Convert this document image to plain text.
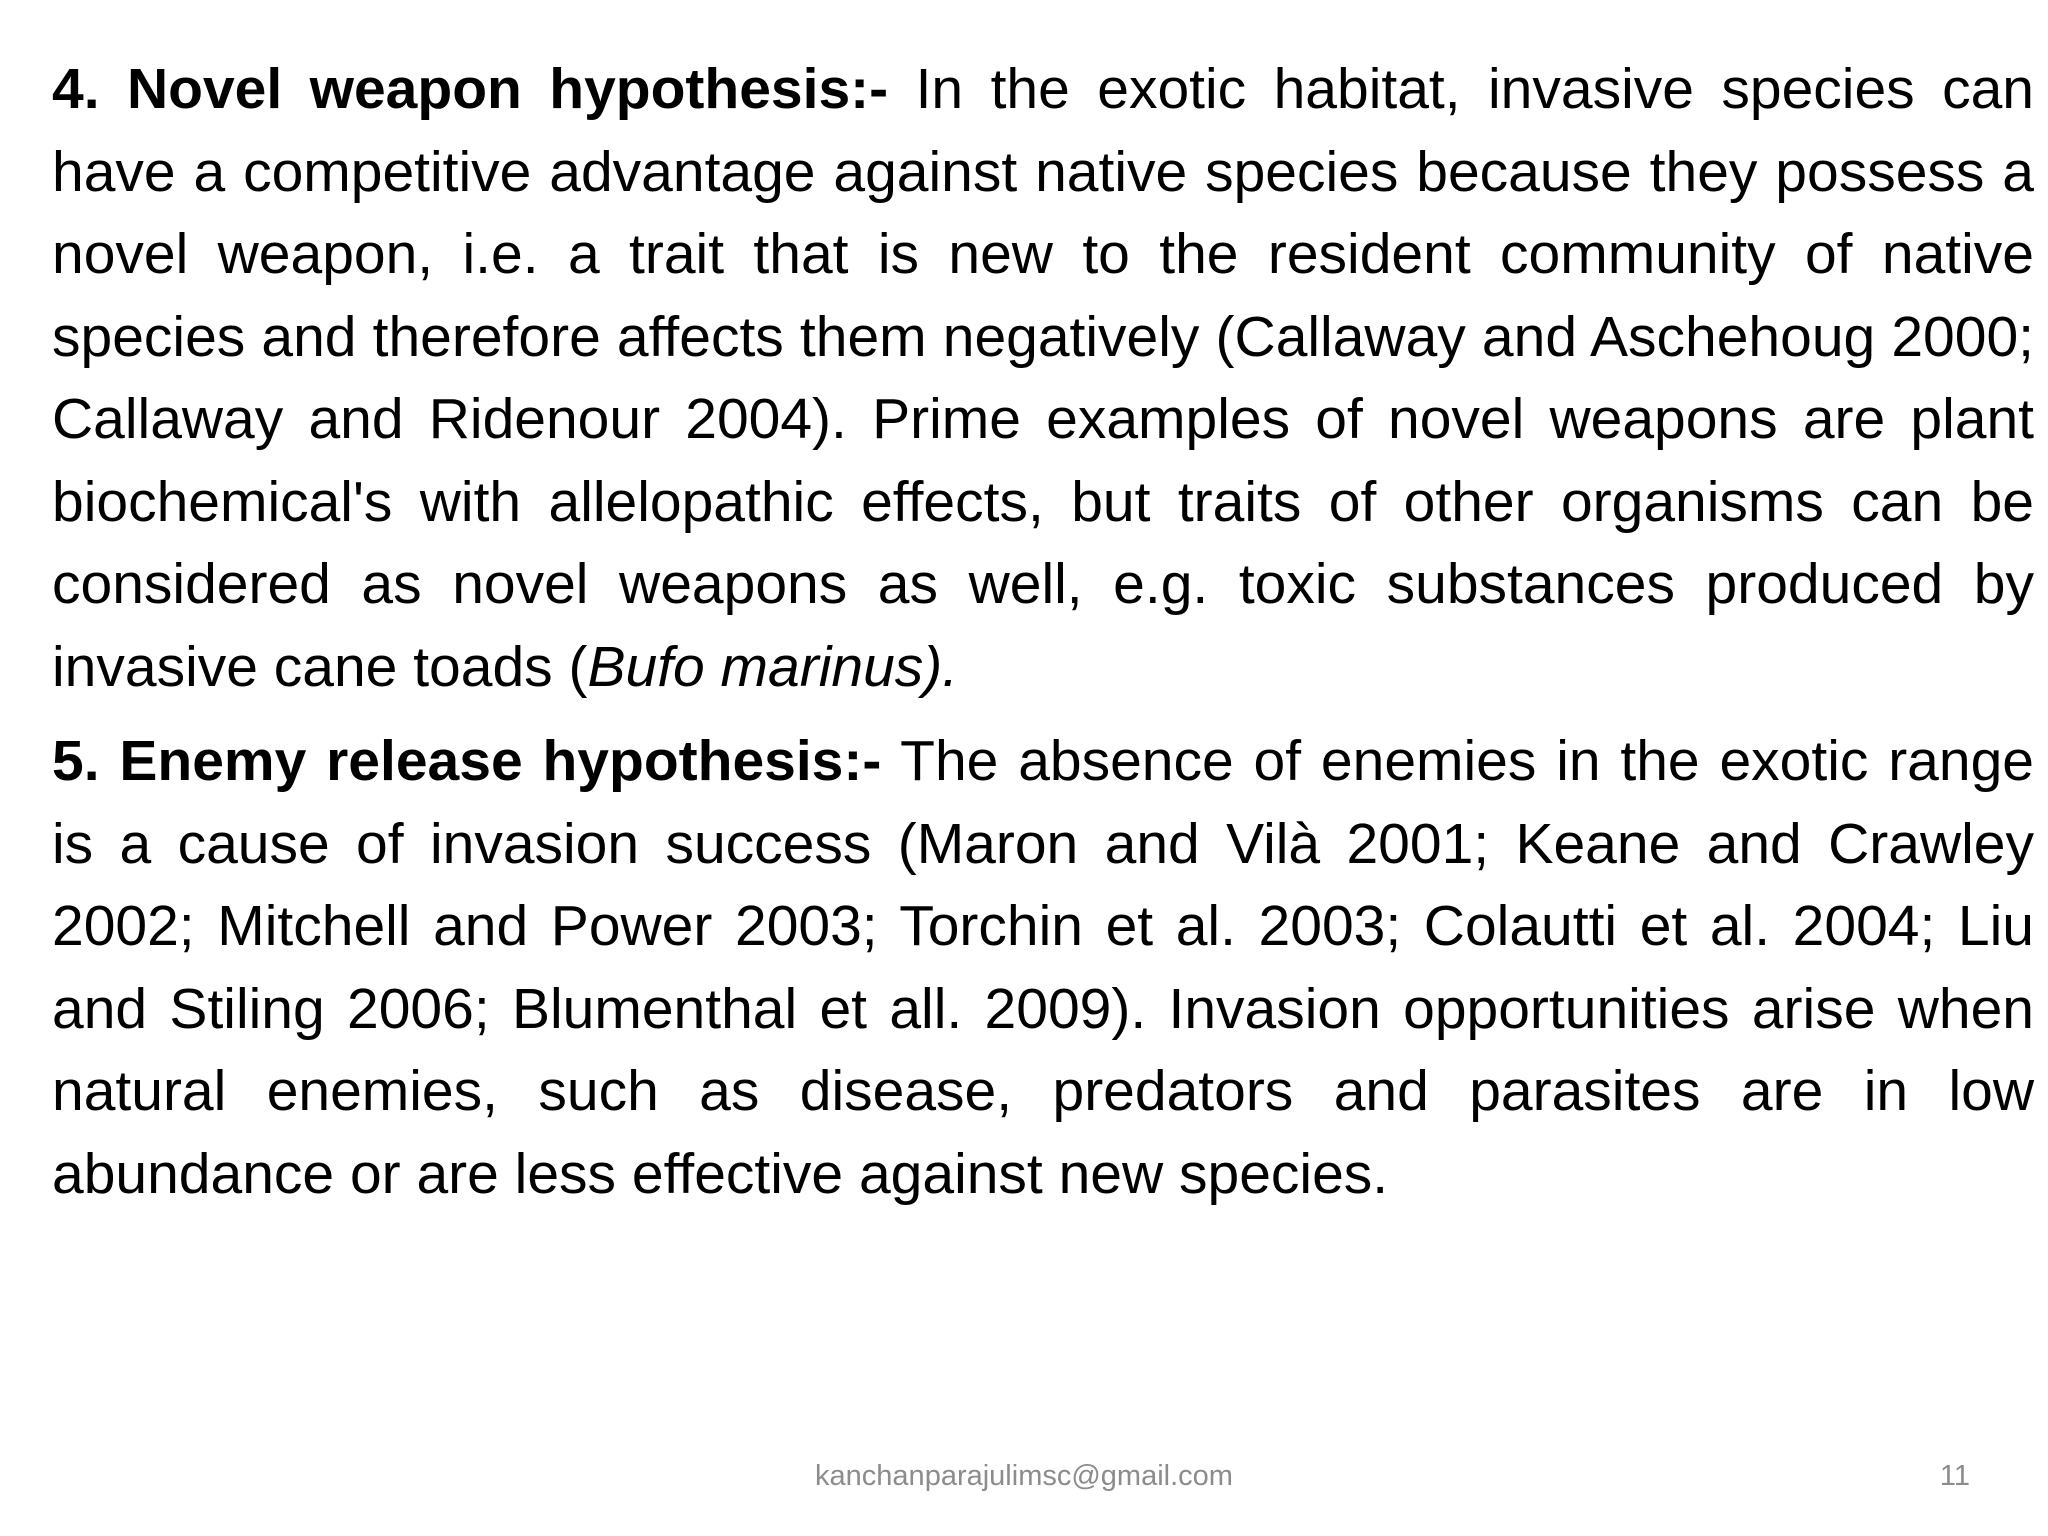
4. Novel weapon hypothesis:- In the exotic habitat, invasive species can have a competitive advantage against native species because they possess a novel weapon, i.e. a trait that is new to the resident community of native species and therefore affects them negatively (Callaway and Aschehoug 2000; Callaway and Ridenour 2004). Prime examples of novel weapons are plant biochemical's with allelopathic effects, but traits of other organisms can be considered as novel weapons as well, e.g. toxic substances produced by invasive cane toads (Bufo marinus).

5. Enemy release hypothesis:- The absence of enemies in the exotic range is a cause of invasion success (Maron and Vilà 2001; Keane and Crawley 2002; Mitchell and Power 2003; Torchin et al. 2003; Colautti et al. 2004; Liu and Stiling 2006; Blumenthal et all. 2009). Invasion opportunities arise when natural enemies, such as disease, predators and parasites are in low abundance or are less effective against new species.

kanchanparajulimsc@gmail.com	11
